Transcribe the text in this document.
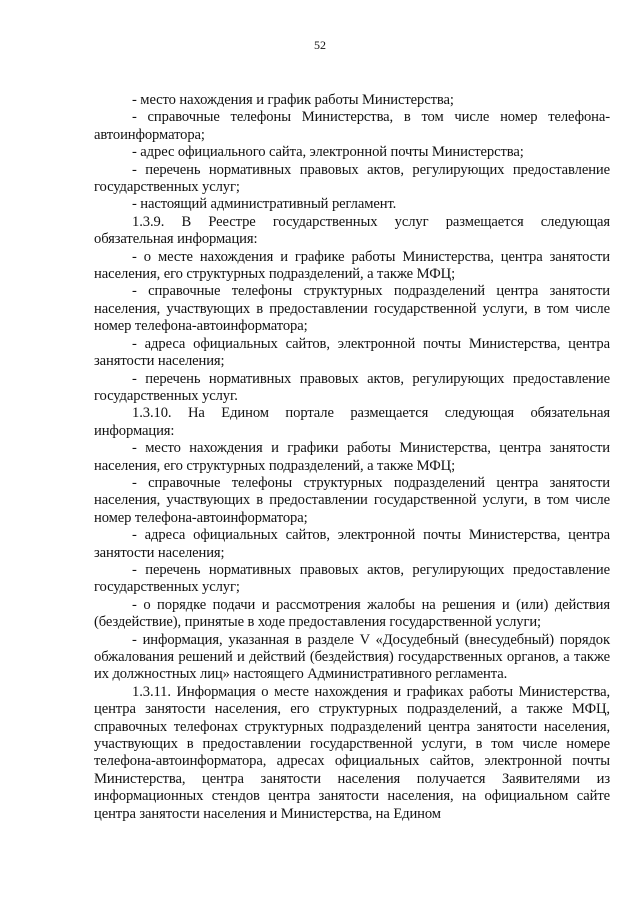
52
- место нахождения и график работы Министерства;
- справочные телефоны Министерства, в том числе номер телефона-автоинформатора;
- адрес официального сайта, электронной почты Министерства;
- перечень нормативных правовых актов, регулирующих предоставление государственных услуг;
- настоящий административный регламент.
1.3.9. В Реестре государственных услуг размещается следующая обязательная информация:
- о месте нахождения и графике работы Министерства, центра занятости населения, его структурных подразделений, а также МФЦ;
- справочные телефоны структурных подразделений центра занятости населения, участвующих в предоставлении государственной услуги, в том числе номер телефона-автоинформатора;
- адреса официальных сайтов, электронной почты Министерства, центра занятости населения;
- перечень нормативных правовых актов, регулирующих предоставление государственных услуг.
1.3.10. На Едином портале размещается следующая обязательная информация:
- место нахождения и графики работы Министерства, центра занятости населения, его структурных подразделений, а также МФЦ;
- справочные телефоны структурных подразделений центра занятости населения, участвующих в предоставлении государственной услуги, в том числе номер телефона-автоинформатора;
- адреса официальных сайтов, электронной почты Министерства, центра занятости населения;
- перечень нормативных правовых актов, регулирующих предоставление государственных услуг;
- о порядке подачи и рассмотрения жалобы на решения и (или) действия (бездействие), принятые в ходе предоставления государственной услуги;
- информация, указанная в разделе V «Досудебный (внесудебный) порядок обжалования решений и действий (бездействия) государственных органов, а также их должностных лиц» настоящего Административного регламента.
1.3.11. Информация о месте нахождения и графиках работы Министерства, центра занятости населения, его структурных подразделений, а также МФЦ, справочных телефонах структурных подразделений центра занятости населения, участвующих в предоставлении государственной услуги, в том числе номере телефона-автоинформатора, адресах официальных сайтов, электронной почты Министерства, центра занятости населения получается Заявителями из информационных стендов центра занятости населения, на официальном сайте центра занятости населения и Министерства, на Едином
